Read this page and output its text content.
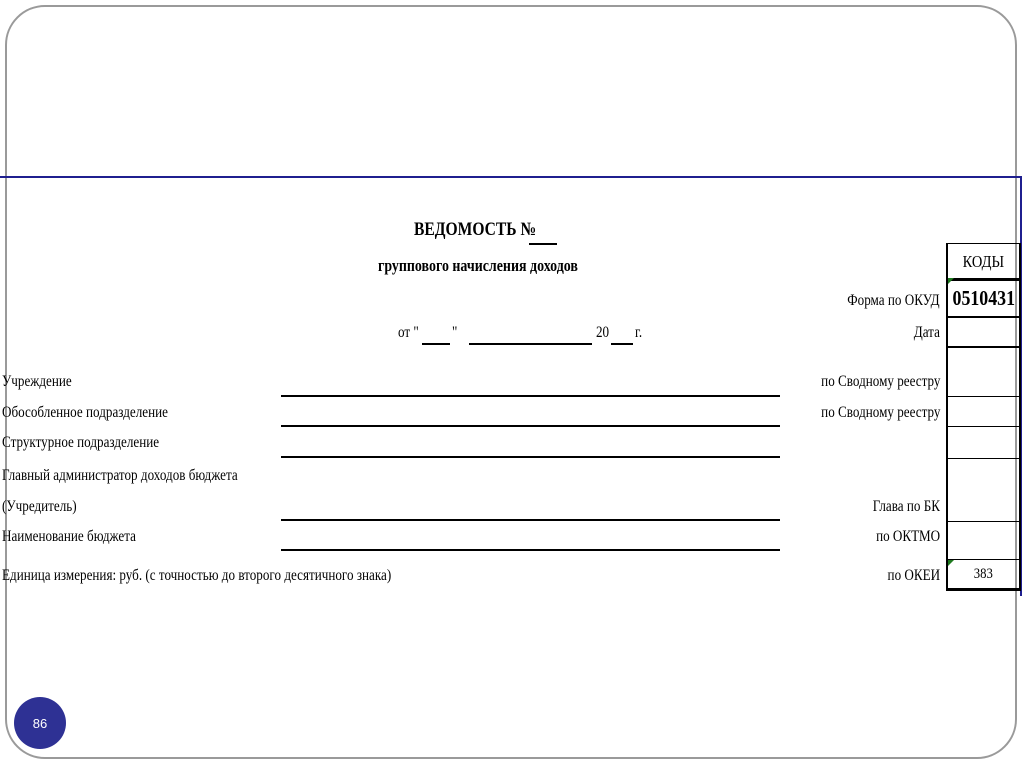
ВЕДОМОСТЬ №
группового начисления доходов
от " "	20 г.
Учреждение
Обособленное подразделение
Структурное подразделение
Главный администратор доходов бюджета
(Учредитель)
Наименование бюджета
Единица измерения: руб. (с точностью до второго десятичного знака)
Форма по ОКУД
Дата
по Сводному реестру
по Сводному реестру
Глава по БК
по ОКТМО
по ОКЕИ
КОДЫ
0510431
383
86
